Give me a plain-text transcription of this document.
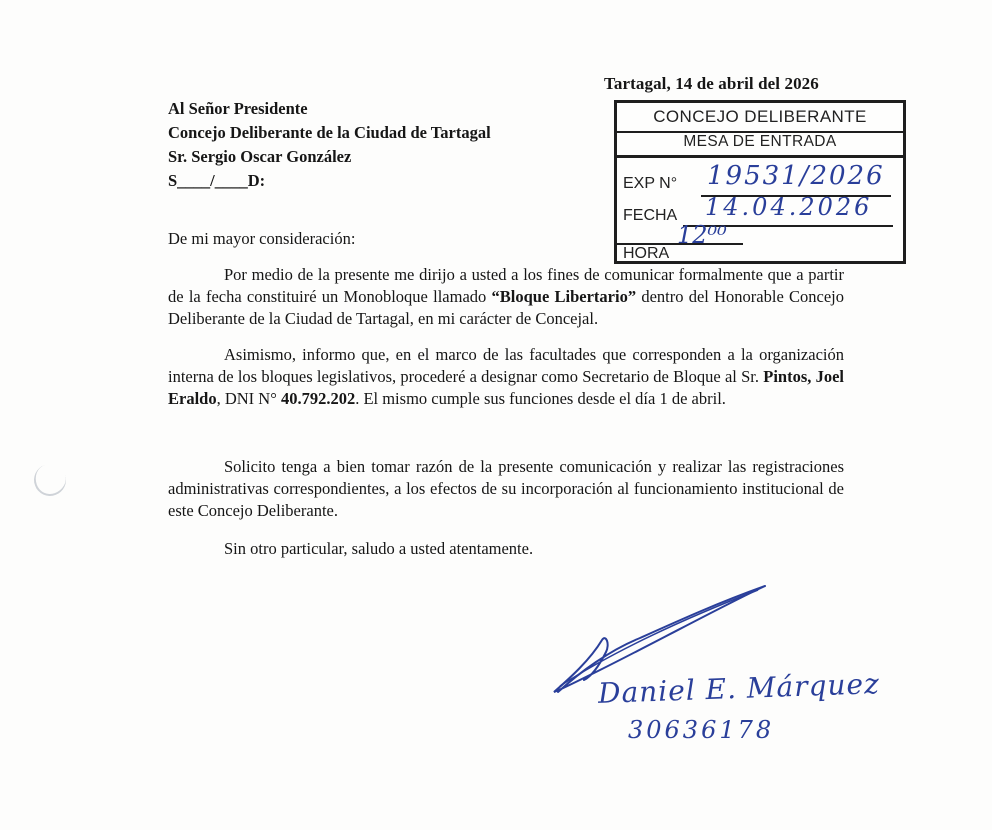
Tartagal, 14 de abril del 2026
Al Señor Presidente
Concejo Deliberante de la Ciudad de Tartagal
Sr. Sergio Oscar González
S____/____D:
CONCEJO DELIBERANTE
MESA DE ENTRADA
EXP N° 19531/2026
FECHA 14.04.2026
HORA
12⁰⁰
De mi mayor consideración:

Por medio de la presente me dirijo a usted a los fines de comunicar formalmente que a partir de la fecha constituiré un Monobloque llamado “Bloque Libertario” dentro del Honorable Concejo Deliberante de la Ciudad de Tartagal, en mi carácter de Concejal.

Asimismo, informo que, en el marco de las facultades que corresponden a la organización interna de los bloques legislativos, procederé a designar como Secretario de Bloque al Sr. Pintos, Joel Eraldo, DNI N° 40.792.202. El mismo cumple sus funciones desde el día 1 de abril.

Solicito tenga a bien tomar razón de la presente comunicación y realizar las registraciones administrativas correspondientes, a los efectos de su incorporación al funcionamiento institucional de este Concejo Deliberante.

Sin otro particular, saludo a usted atentamente.

Daniel E. Márquez
30636178
